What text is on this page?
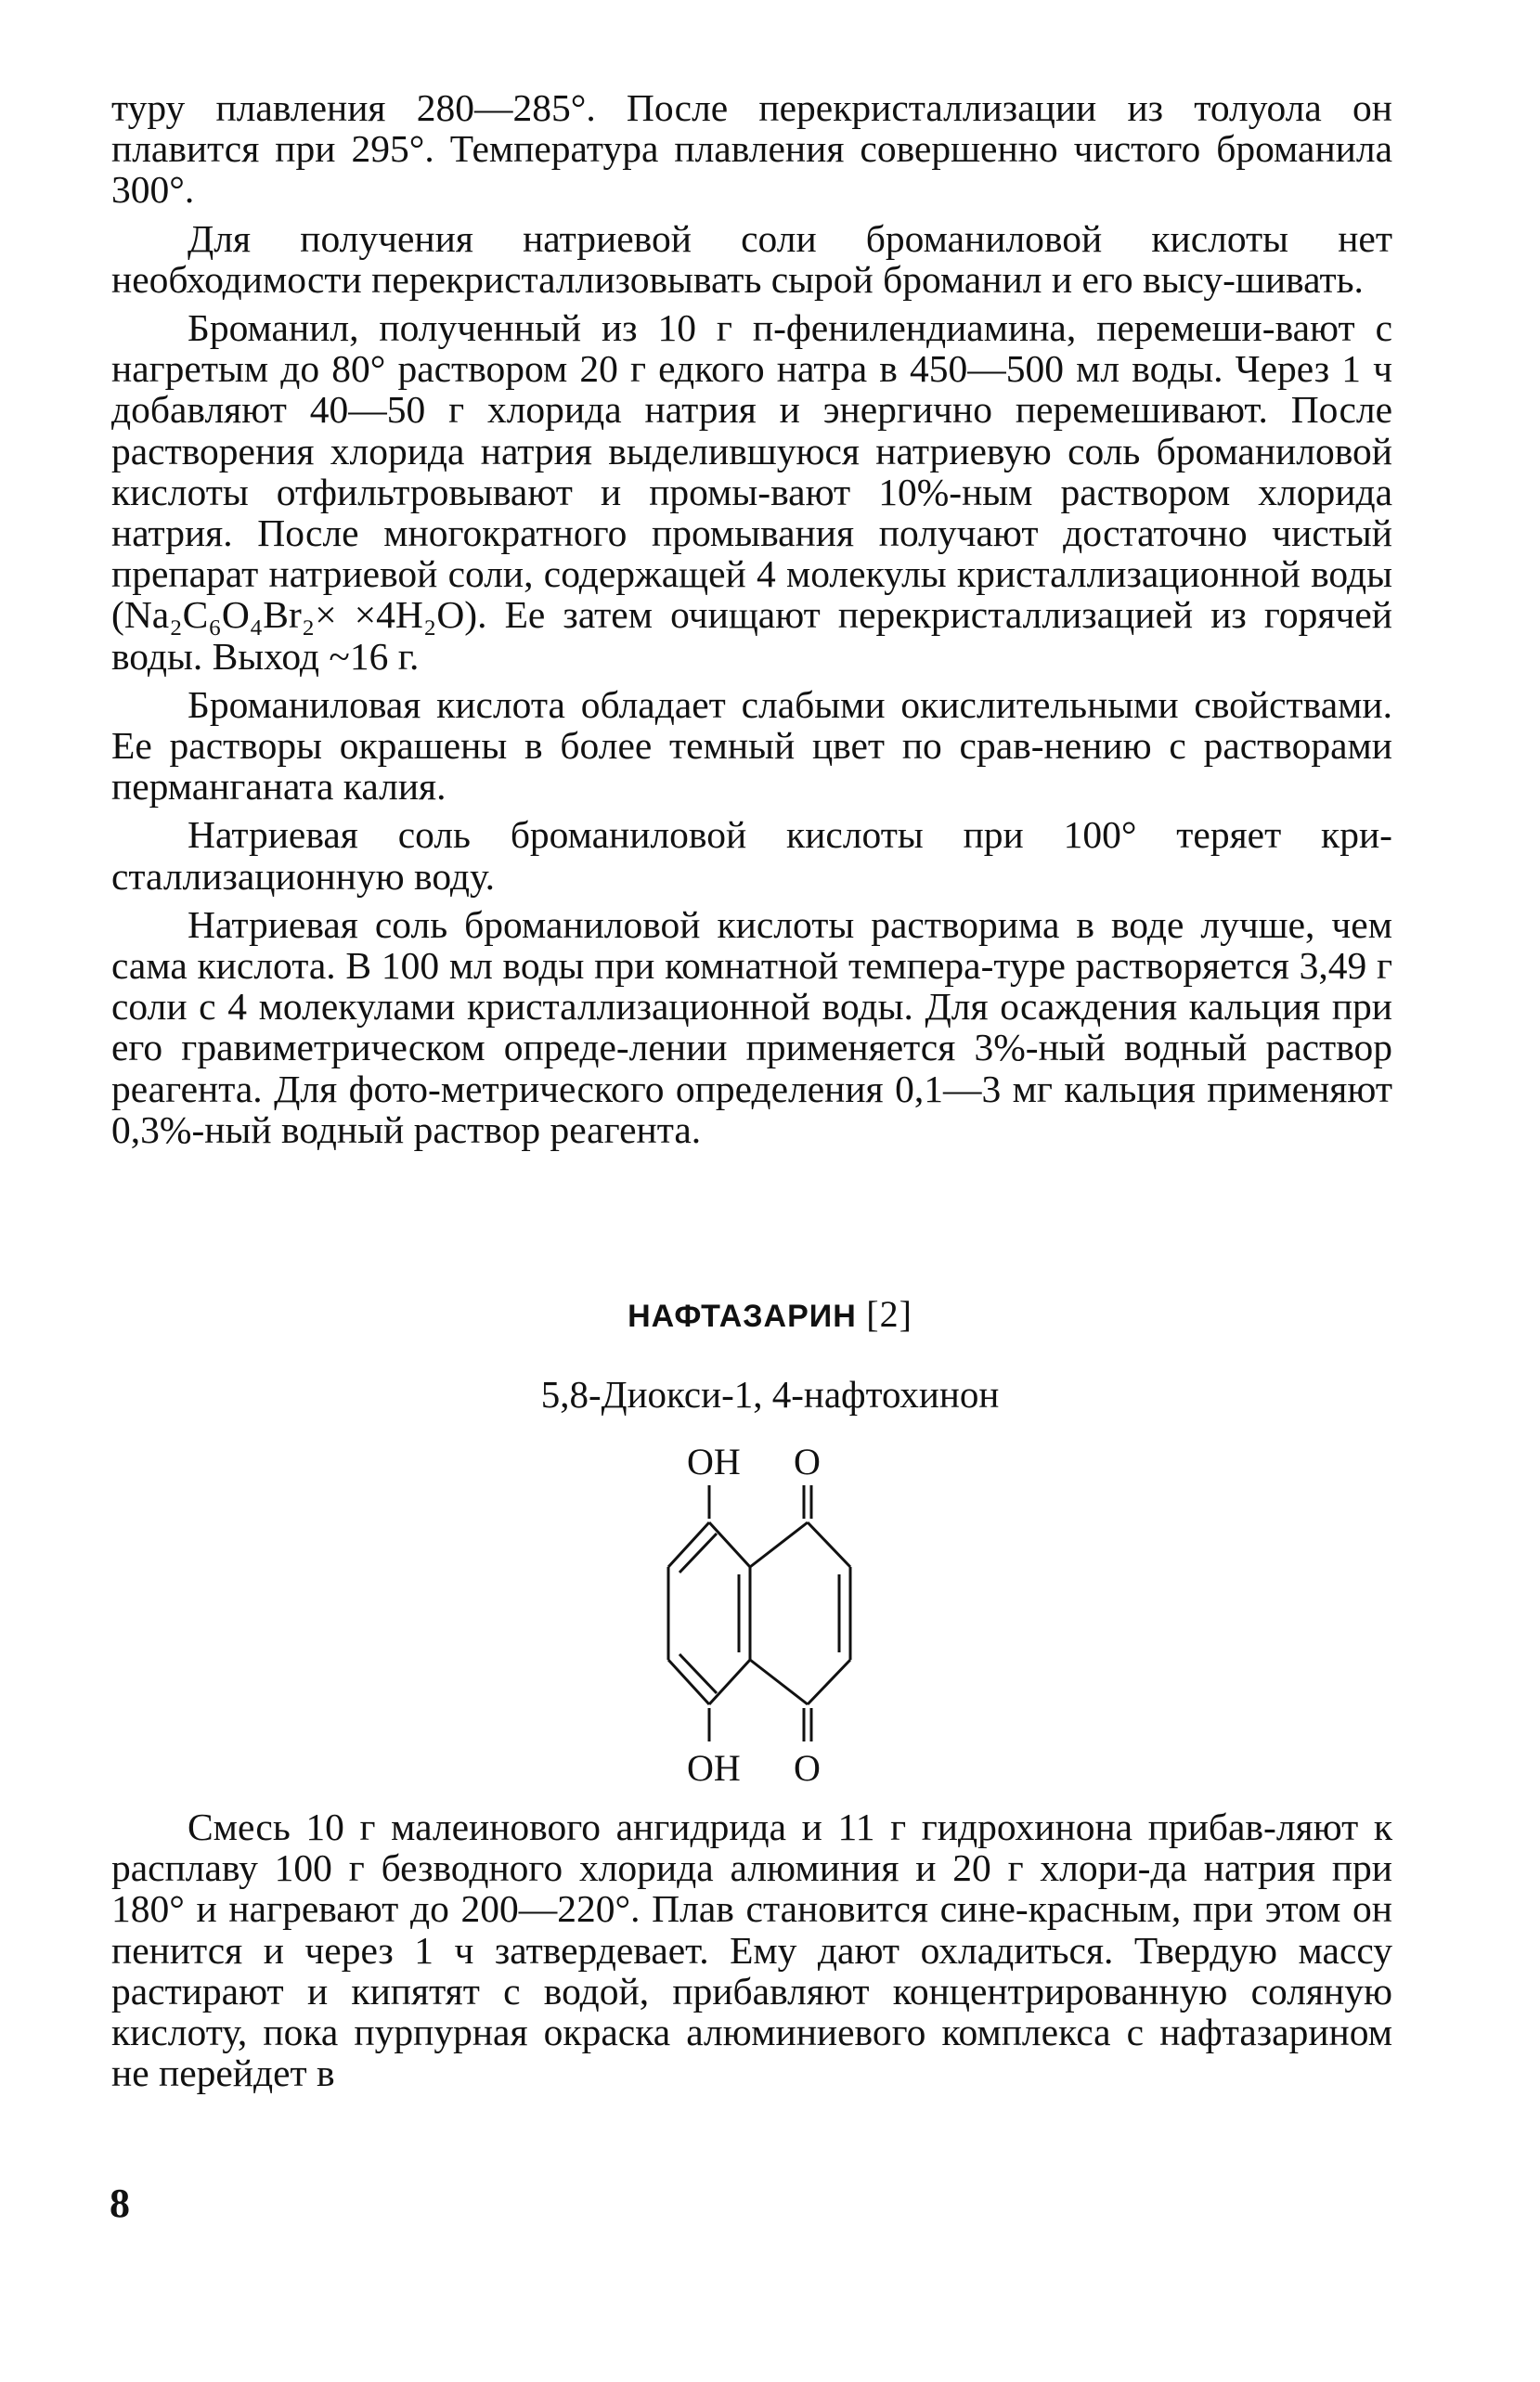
туру плавления 280—285°. После перекристаллизации из толуола он плавится при 295°. Температура плавления совершенно чистого броманила 300°.

Для получения натриевой соли броманиловой кислоты нет необходимости перекристаллизовывать сырой броманил и его высу-шивать.

Броманил, полученный из 10 г п-фенилендиамина, перемеши-вают с нагретым до 80° раствором 20 г едкого натра в 450—500 мл воды. Через 1 ч добавляют 40—50 г хлорида натрия и энергично перемешивают. После растворения хлорида натрия выделившуюся натриевую соль броманиловой кислоты отфильтровывают и промы-вают 10%-ным раствором хлорида натрия. После многократного промывания получают достаточно чистый препарат натриевой соли, содержащей 4 молекулы кристаллизационной воды (Na₂C₆O₄Br₂× ×4H₂O). Ее затем очищают перекристаллизацией из горячей воды. Выход ~16 г.

Броманиловая кислота обладает слабыми окислительными свойствами. Ее растворы окрашены в более темный цвет по срав-нению с растворами перманганата калия.

Натриевая соль броманиловой кислоты при 100° теряет кри-сталлизационную воду.

Натриевая соль броманиловой кислоты растворима в воде лучше, чем сама кислота. В 100 мл воды при комнатной темпера-туре растворяется 3,49 г соли с 4 молекулами кристаллизационной воды. Для осаждения кальция при его гравиметрическом опреде-лении применяется 3%-ный водный раствор реагента. Для фото-метрического определения 0,1—3 мг кальция применяют 0,3%-ный водный раствор реагента.

НАФТАЗАРИН [2]
5,8-Диокси-1, 4-нафтохинон
OH O
OH O

Смесь 10 г малеинового ангидрида и 11 г гидрохинона прибав-ляют к расплаву 100 г безводного хлорида алюминия и 20 г хлори-да натрия при 180° и нагревают до 200—220°. Плав становится сине-красным, при этом он пенится и через 1 ч затвердевает. Ему дают охладиться. Твердую массу растирают и кипятят с водой, прибавляют концентрированную соляную кислоту, пока пурпурная окраска алюминиевого комплекса с нафтазарином не перейдет в

8
